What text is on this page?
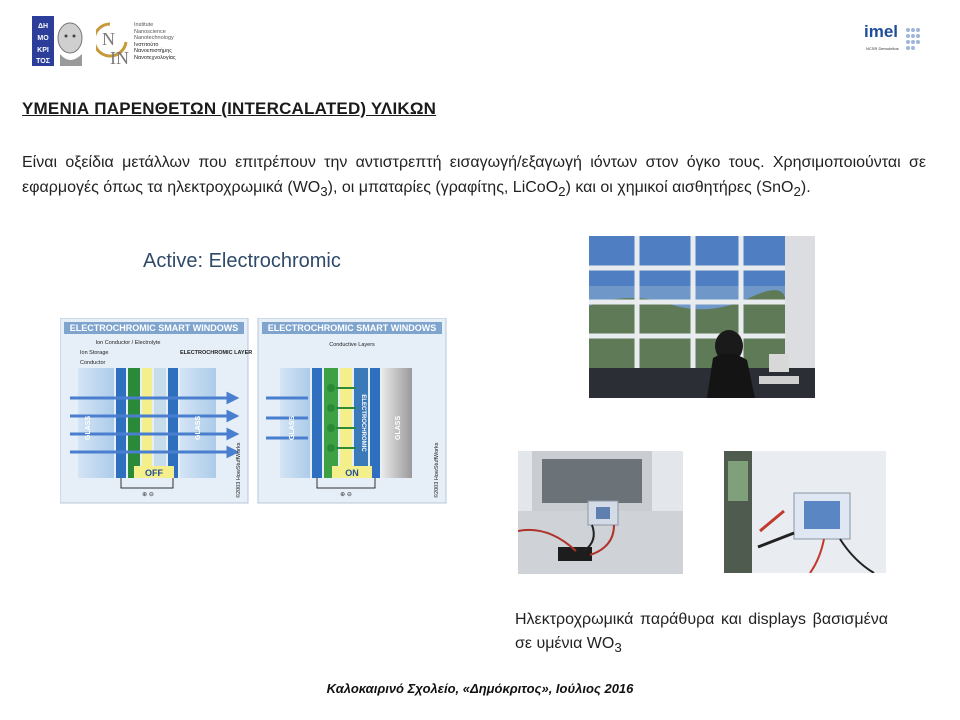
ΔΗ
ΜΟ
ΚΡΙ
ΤΟΣ
N
IN
Institute
Nanoscience
Nanotechnology
Ινστιτούτο
Νανοεπιστήμης
Νανοτεχνολογίας
imel
NCSR Demokritos
ΥΜΕΝΙΑ ΠΑΡΕΝΘΕΤΩΝ (INTERCALATED) ΥΛΙΚΩΝ
Είναι οξείδια μετάλλων που επιτρέπουν την αντιστρεπτή εισαγωγή/εξαγωγή ιόντων στον όγκο τους. Χρησιμοποιούνται σε εφαρμογές όπως τα ηλεκτροχρωμικά $(WO_3)$, οι μπαταρίες (γραφίτης, LiCoO$_2$) και οι χημικοί αισθητήρες (SnO$_2$).
Active: Electrochromic
ELECTROCHROMIC SMART WINDOWS
Ion Conductor / Electrolyte
Ion Storage
Conductor
ELECTROCHROMIC LAYER
OFF
GLASS	GLASS
⊕ ⊖	©2003 HowStuffWorks
ELECTROCHROMIC SMART WINDOWS
Conductive Layers
ELECTROCHROMIC
GLASS	GLASS
ON
⊕ ⊖	©2003 HowStuffWorks
Ηλεκτροχρωμικά παράθυρα και displays βασισμένα σε υμένια $WO_3$
Καλοκαιρινό Σχολείο, «Δημόκριτος», Ιούλιος 2016
